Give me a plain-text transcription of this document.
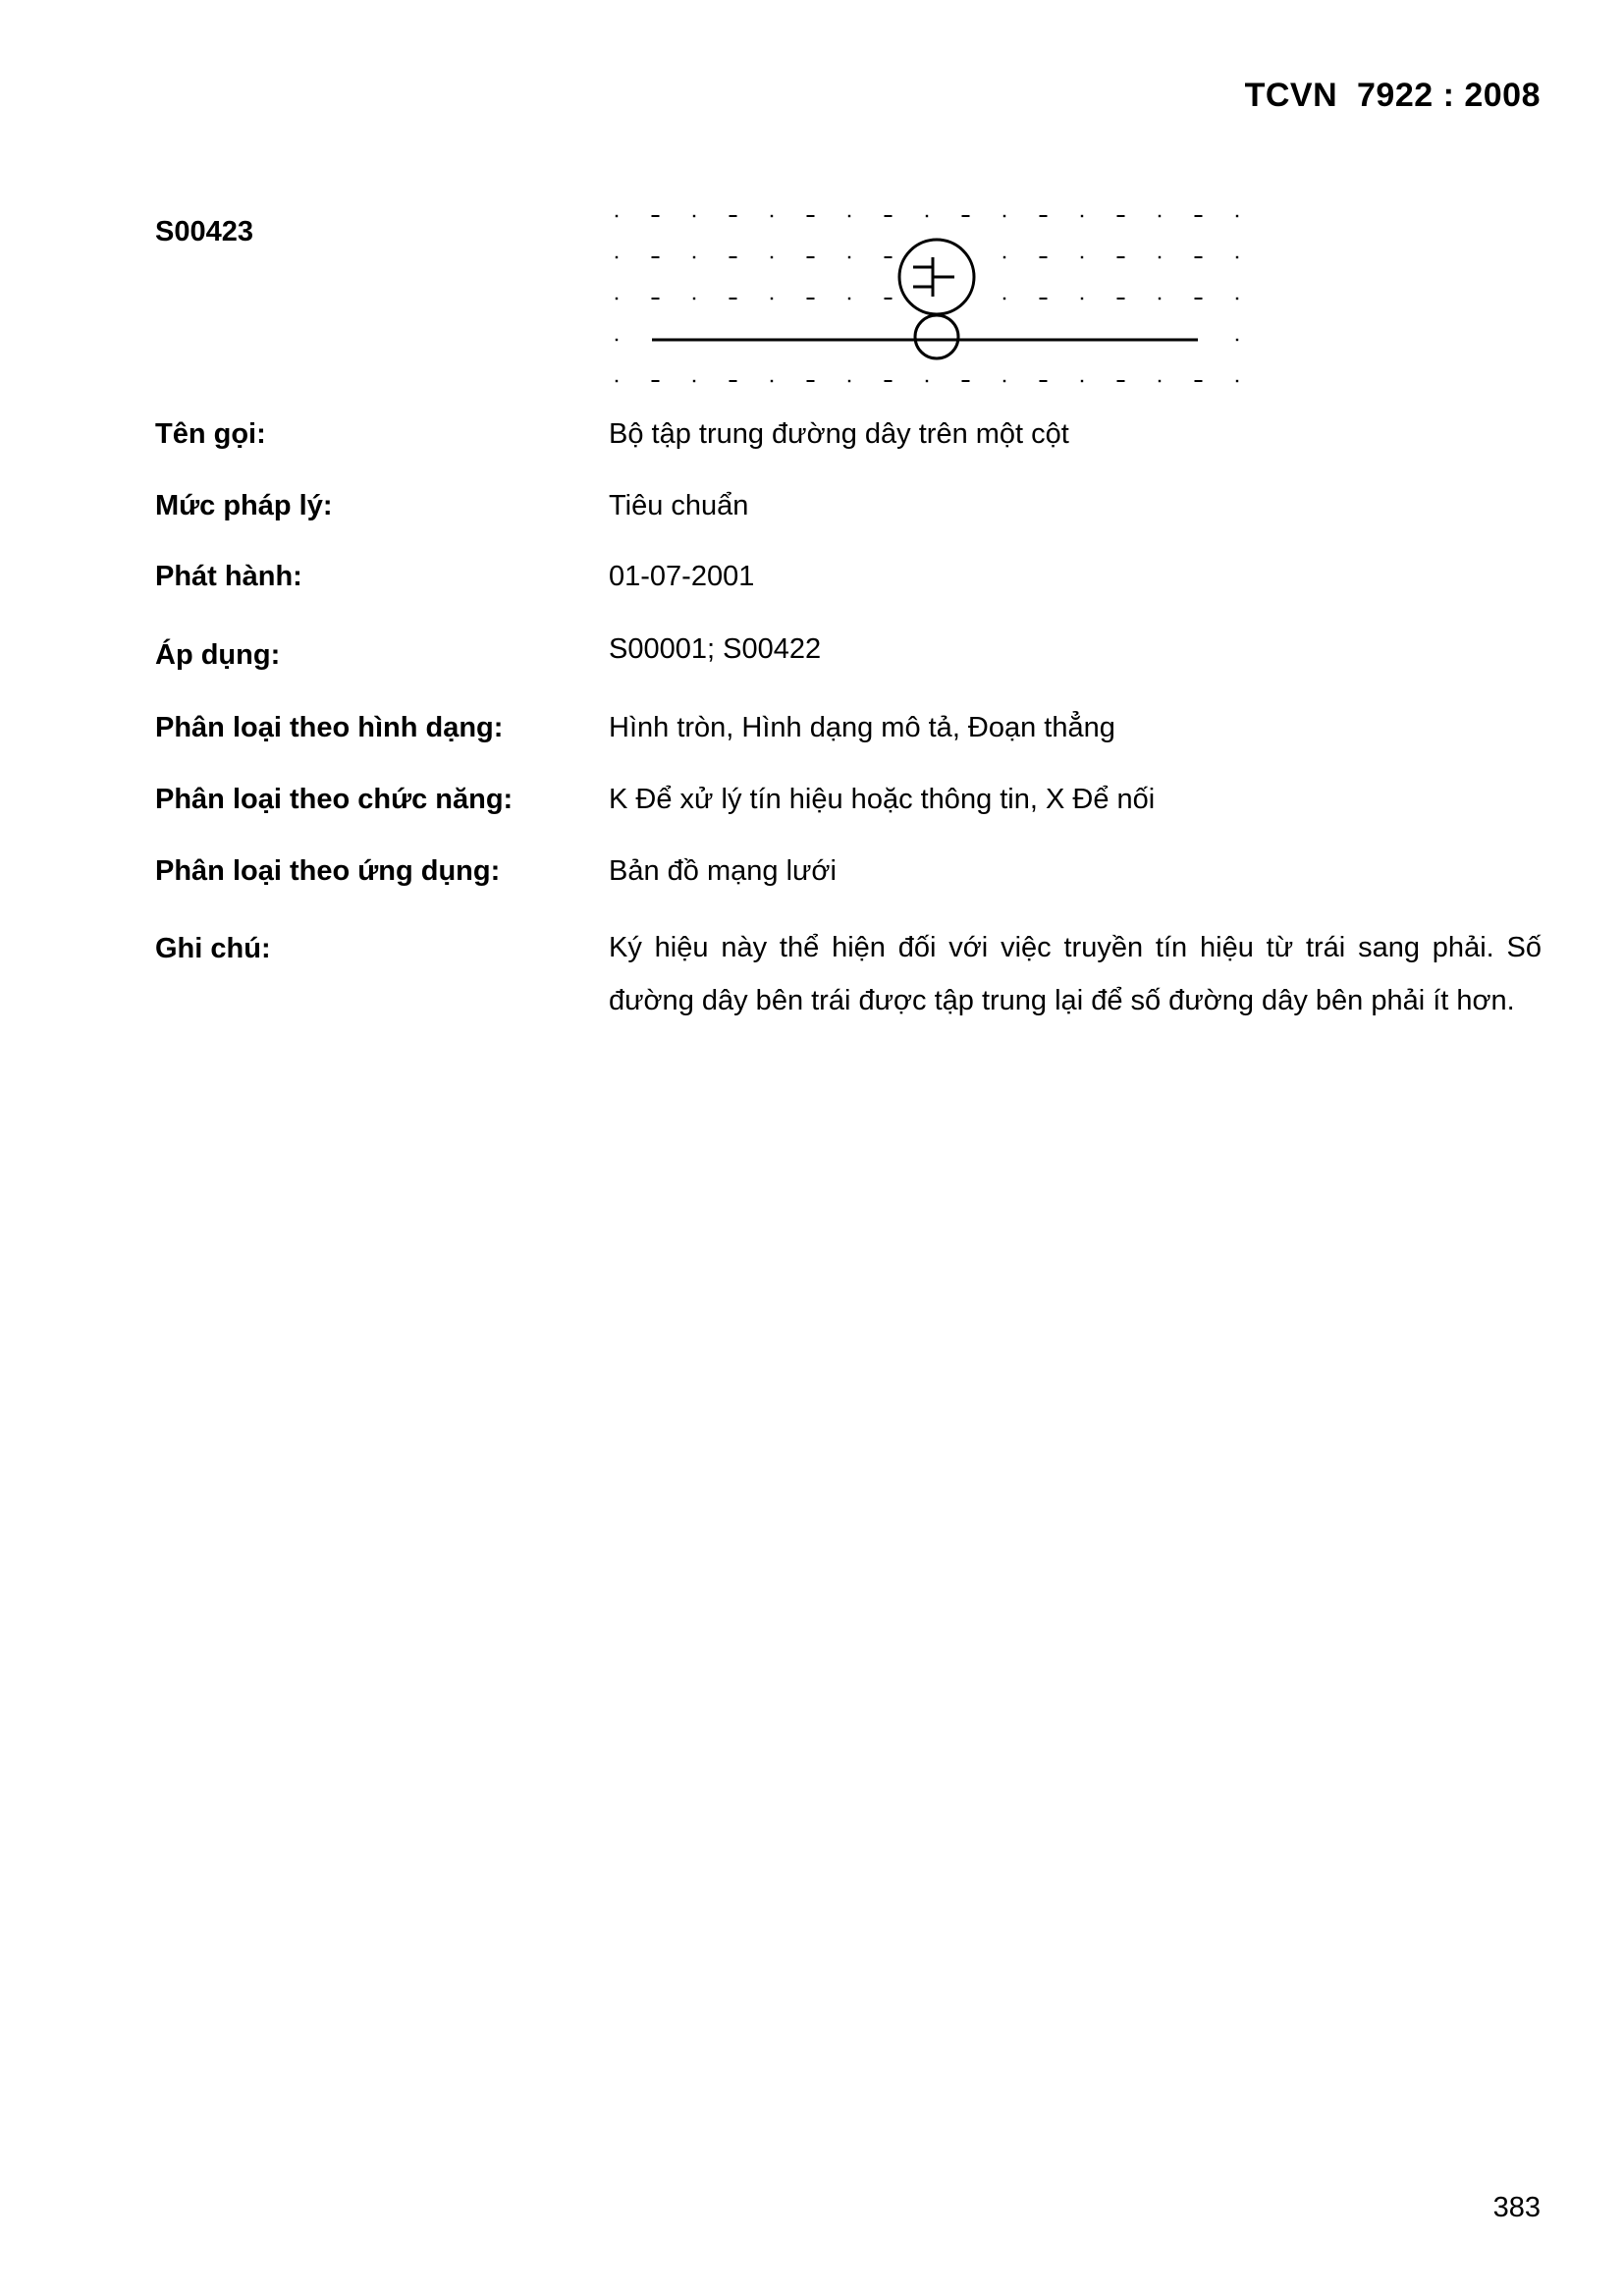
TCVN  7922 : 2008
S00423
Tên gọi:	Bộ tập trung đường dây trên một cột
Mức pháp lý:	Tiêu chuẩn
Phát hành:	01-07-2001
Áp dụng:	S00001; S00422
Phân loại theo hình dạng:	Hình tròn, Hình dạng mô tả, Đoạn thẳng
Phân loại theo chức năng:	K Để xử lý tín hiệu hoặc thông tin, X Để nối
Phân loại theo ứng dụng:	Bản đồ mạng lưới
Ghi chú:	Ký hiệu này thể hiện đối với việc truyền tín hiệu từ trái sang phải. Số đường dây bên trái được tập trung lại để số đường dây bên phải ít hơn.
383
